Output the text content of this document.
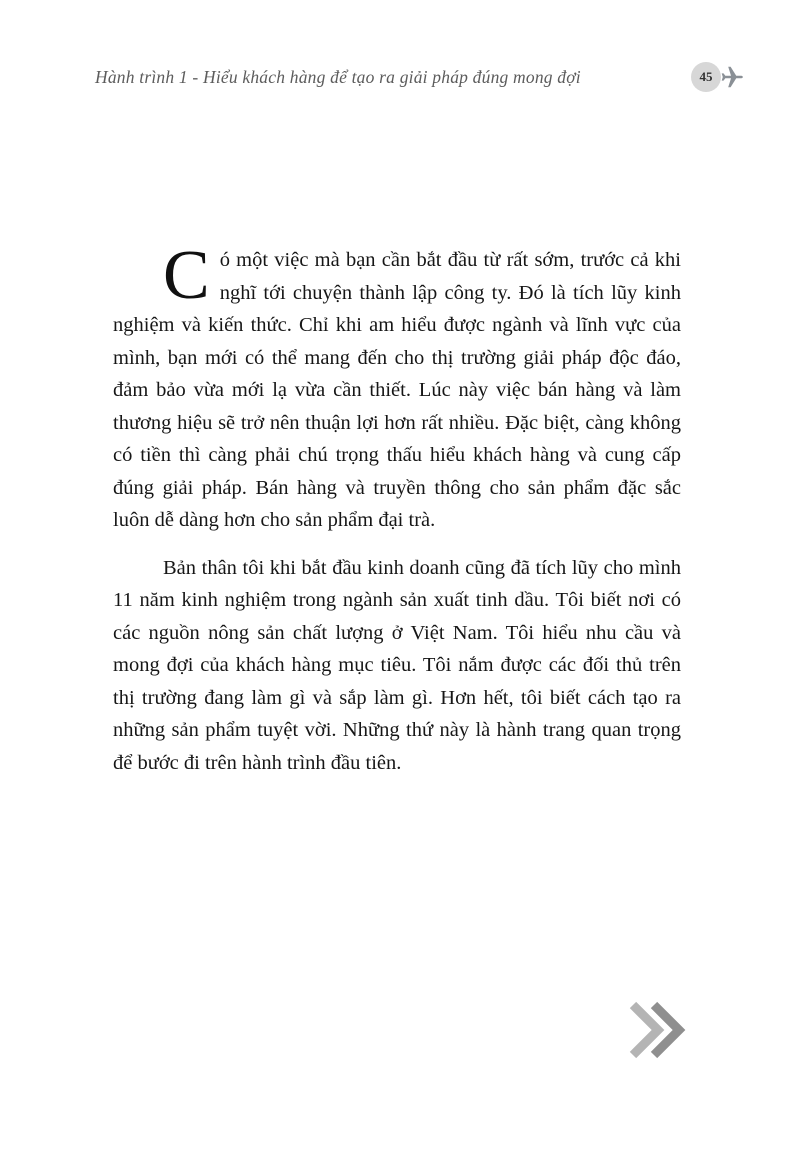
Hành trình 1 - Hiểu khách hàng để tạo ra giải pháp đúng mong đợi	45

Có một việc mà bạn cần bắt đầu từ rất sớm, trước cả khi nghĩ tới chuyện thành lập công ty. Đó là tích lũy kinh nghiệm và kiến thức. Chỉ khi am hiểu được ngành và lĩnh vực của mình, bạn mới có thể mang đến cho thị trường giải pháp độc đáo, đảm bảo vừa mới lạ vừa cần thiết. Lúc này việc bán hàng và làm thương hiệu sẽ trở nên thuận lợi hơn rất nhiều. Đặc biệt, càng không có tiền thì càng phải chú trọng thấu hiểu khách hàng và cung cấp đúng giải pháp. Bán hàng và truyền thông cho sản phẩm đặc sắc luôn dễ dàng hơn cho sản phẩm đại trà.

Bản thân tôi khi bắt đầu kinh doanh cũng đã tích lũy cho mình 11 năm kinh nghiệm trong ngành sản xuất tinh dầu. Tôi biết nơi có các nguồn nông sản chất lượng ở Việt Nam. Tôi hiểu nhu cầu và mong đợi của khách hàng mục tiêu. Tôi nắm được các đối thủ trên thị trường đang làm gì và sắp làm gì. Hơn hết, tôi biết cách tạo ra những sản phẩm tuyệt vời. Những thứ này là hành trang quan trọng để bước đi trên hành trình đầu tiên.
